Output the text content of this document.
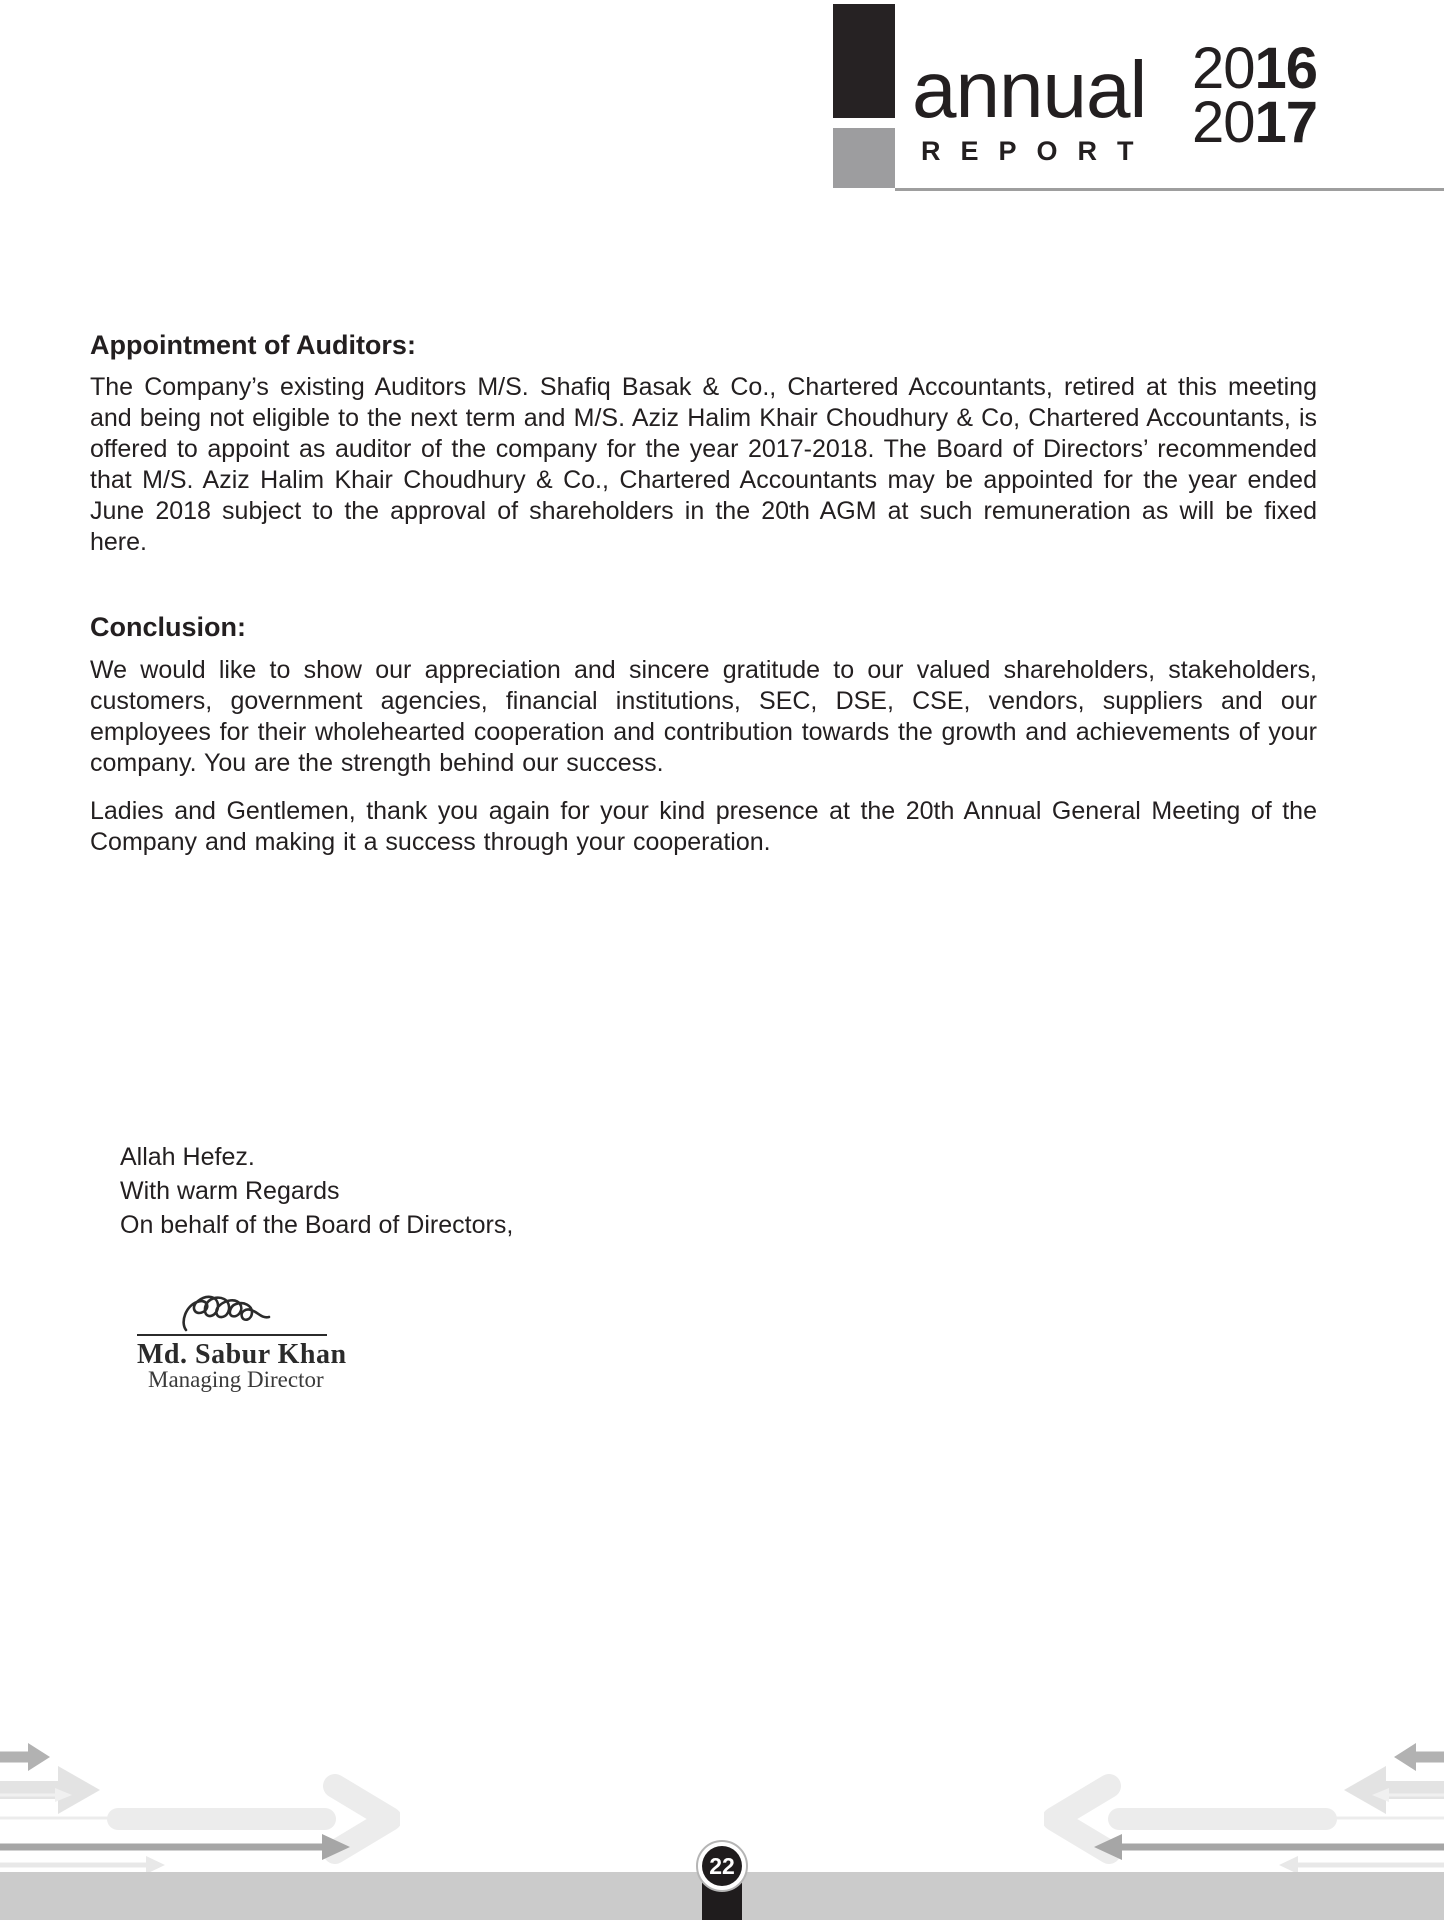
annual
REPORT
2016
2017
Appointment of Auditors:
The Company’s existing Auditors M/S. Shafiq Basak & Co., Chartered Accountants, retired at this meeting and being not eligible to the next term and M/S. Aziz Halim Khair Choudhury & Co, Chartered Accountants, is offered to appoint as auditor of the company for the year 2017-2018. The Board of Directors’ recommended that M/S. Aziz Halim Khair Choudhury & Co., Chartered Accountants may be appointed for the year ended June 2018 subject to the approval of shareholders in the 20th AGM at such remuneration as will be fixed here.
Conclusion:
We would like to show our appreciation and sincere gratitude to our valued shareholders, stakeholders, customers, government agencies, financial institutions, SEC, DSE, CSE, vendors, suppliers and our employees for their wholehearted cooperation and contribution towards the growth and achievements of your company. You are the strength behind our success.
Ladies and Gentlemen, thank you again for your kind presence at the 20th Annual General Meeting of the Company and making it a success through your cooperation.
Allah Hefez.
With warm Regards
On behalf of the Board of Directors,
Md. Sabur Khan
Managing Director
22
